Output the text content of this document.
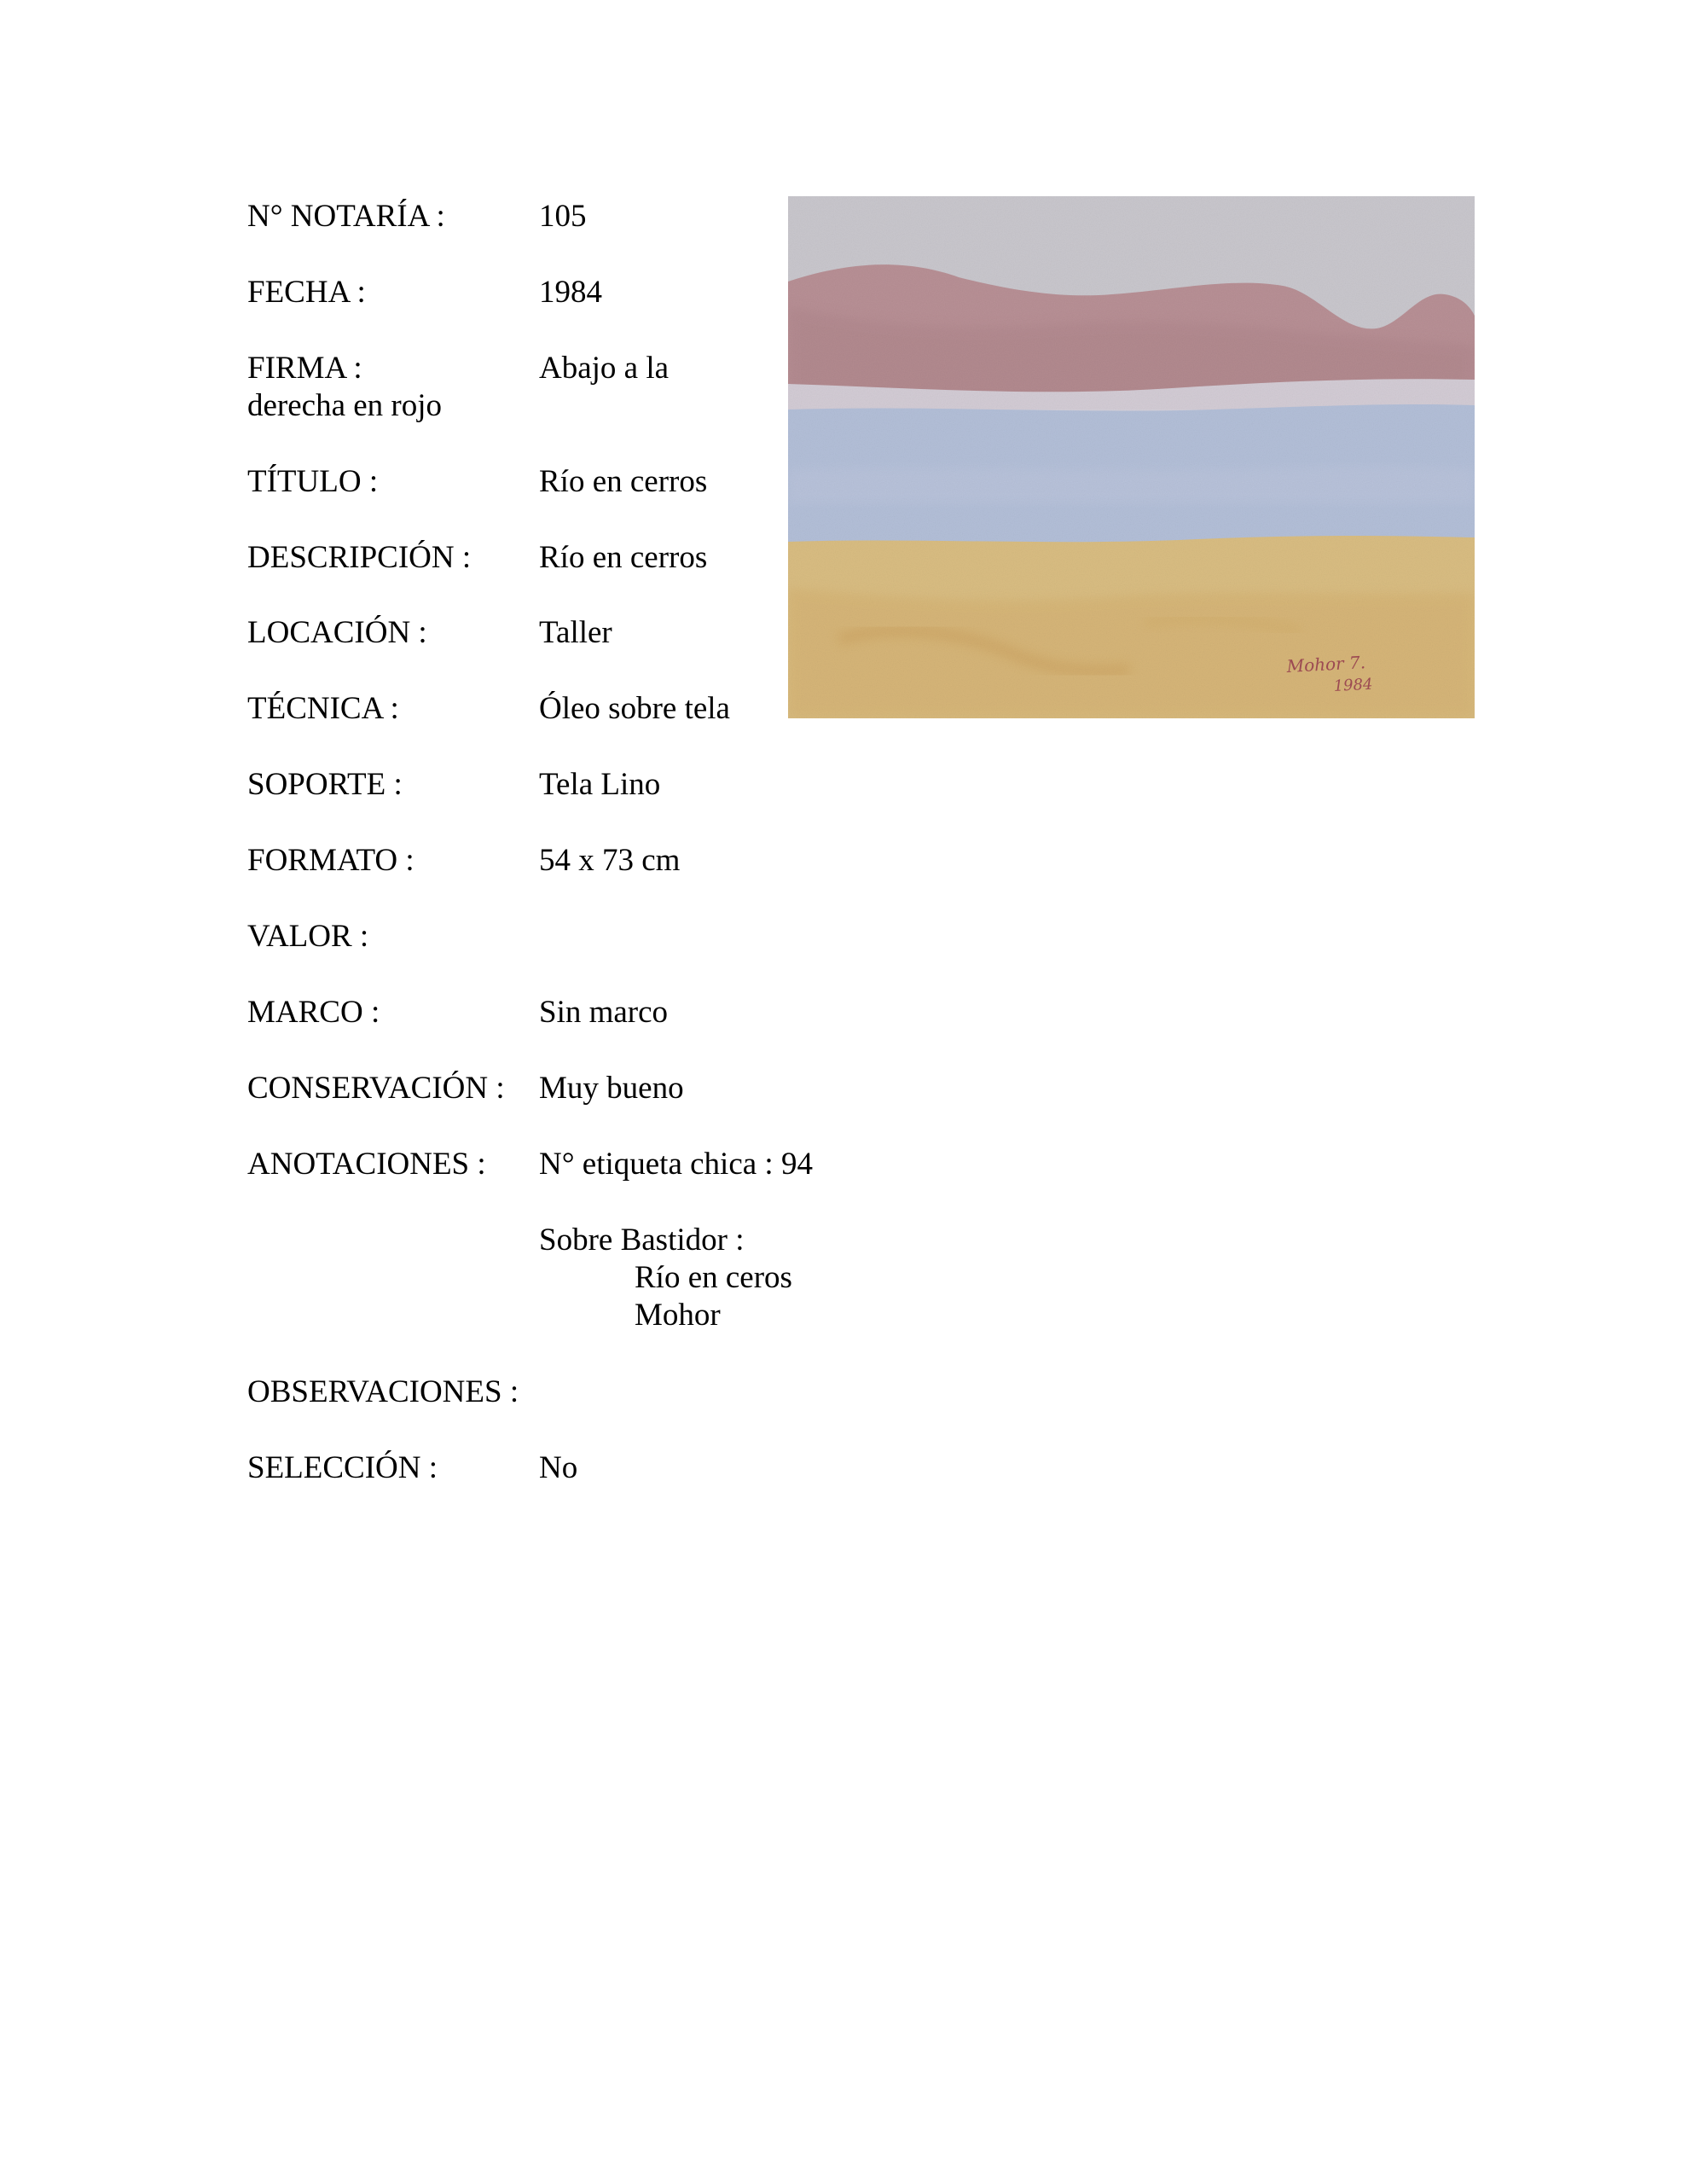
N° NOTARÍA :	105
FECHA :	1984
FIRMA :	Abajo a la
derecha en rojo
TÍTULO :	Río en cerros
DESCRIPCIÓN : Río en cerros
LOCACIÓN :	Taller
TÉCNICA :	Óleo sobre tela
SOPORTE :	Tela Lino
FORMATO :	54 x 73 cm
VALOR :
MARCO :	Sin marco
CONSERVACIÓN : Muy bueno
ANOTACIONES : N° etiqueta chica : 94
Sobre Bastidor :
Río en ceros
Mohor
OBSERVACIONES :
SELECCIÓN :	No
Mohor 7.
1984
